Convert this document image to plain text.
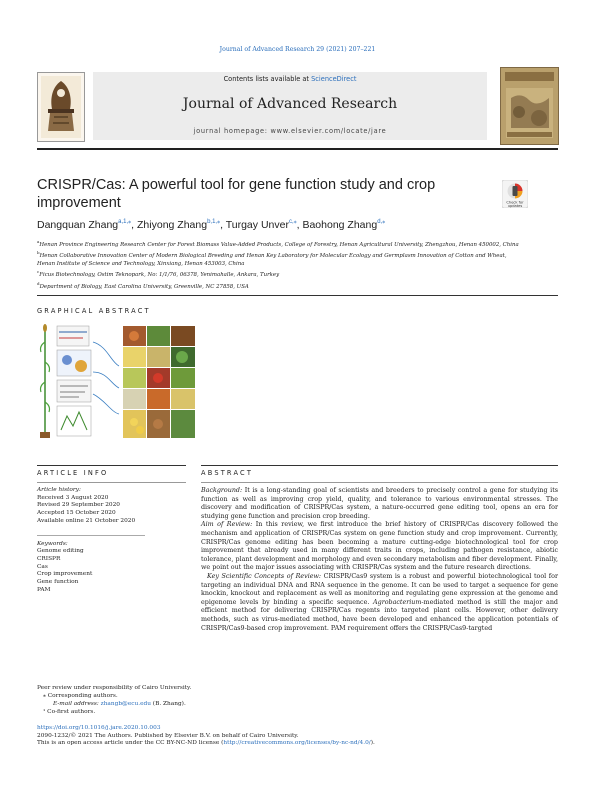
Journal of Advanced Research 29 (2021) 207–221
Contents lists available at ScienceDirect
Journal of Advanced Research
journal homepage: www.elsevier.com/locate/jare
CRISPR/Cas: A powerful tool for gene function study and crop improvement	Check for
updates
Dangquan Zhang$^{a,1,⁎}$, Zhiyong Zhang$^{b,1,⁎}$, Turgay Unver$^{c,⁎}$, Baohong Zhang$^{d,⁎}$
$^a$Henan Province Engineering Research Center for Forest Biomass Value-Added Products, College of Forestry, Henan Agricultural University, Zhengzhou, Henan 450002, China
$^b$Henan Collaborative Innovation Center of Modern Biological Breeding and Henan Key Laboratory for Molecular Ecology and Germplasm Innovation of Cotton and Wheat,
Henan Institute of Science and Technology, Xinxiang, Henan 453003, China
$^c$Ficus Biotechnology, Ostim Teknopark, No: 1/1/76, 06378, Yenimahalle, Ankara, Turkey
$^d$Department of Biology, East Carolina University, Greenville, NC 27858, USA
GRAPHICAL ABSTRACT
ARTICLE INFO	ABSTRACT
Article history:
Received 3 August 2020
Revised 29 September 2020
Accepted 15 October 2020
Available online 21 October 2020
Keywords:
Genome editing
CRISPR
Cas
Crop improvement
Gene function
PAM

Background: It is a long-standing goal of scientists and breeders to precisely control a gene for studying its function as well as improving crop yield, quality, and tolerance to various environmental stresses. The discovery and modification of CRISPR/Cas system, a nature-occurred gene editing tool, opens an era for studying gene function and precision crop breeding.

Aim of Review: In this review, we first introduce the brief history of CRISPR/Cas discovery followed the mechanism and application of CRISPR/Cas system on gene function study and crop improvement. Currently, CRISPR/Cas genome editing has been becoming a mature cutting-edge biotechnological tool for crop improvement that already used in many different traits in crops, including pathogen resistance, abiotic tolerance, plant development and morphology and even secondary metabolism and fiber development. Finally, we point out the major issues associating with CRISPR/Cas system and the future research directions.

Key Scientific Concepts of Review: CRISPR/Cas9 system is a robust and powerful biotechnological tool for targeting an individual DNA and RNA sequence in the genome. It can be used to target a sequence for gene knockin, knockout and replacement as well as monitoring and regulating gene expression at the genome and epigenome levels by binding a specific sequence. Agrobacterium-mediated method is still the major and efficient method for delivering CRISPR/Cas regents into targeted plant cells. However, other delivery methods, such as virus-mediated method, have been developed and enhanced the application potentials of CRISPR/Cas9-based crop improvement. PAM requirement offers the CRISPR/Cas9-targted

Peer review under responsibility of Cairo University.
⁎ Corresponding authors.
E-mail address: zhangb@ecu.edu (B. Zhang).
¹ Co-first authors.
https://doi.org/10.1016/j.jare.2020.10.003
2090-1232/© 2021 The Authors. Published by Elsevier B.V. on behalf of Cairo University.
This is an open access article under the CC BY-NC-ND license (http://creativecommons.org/licenses/by-nc-nd/4.0/).
